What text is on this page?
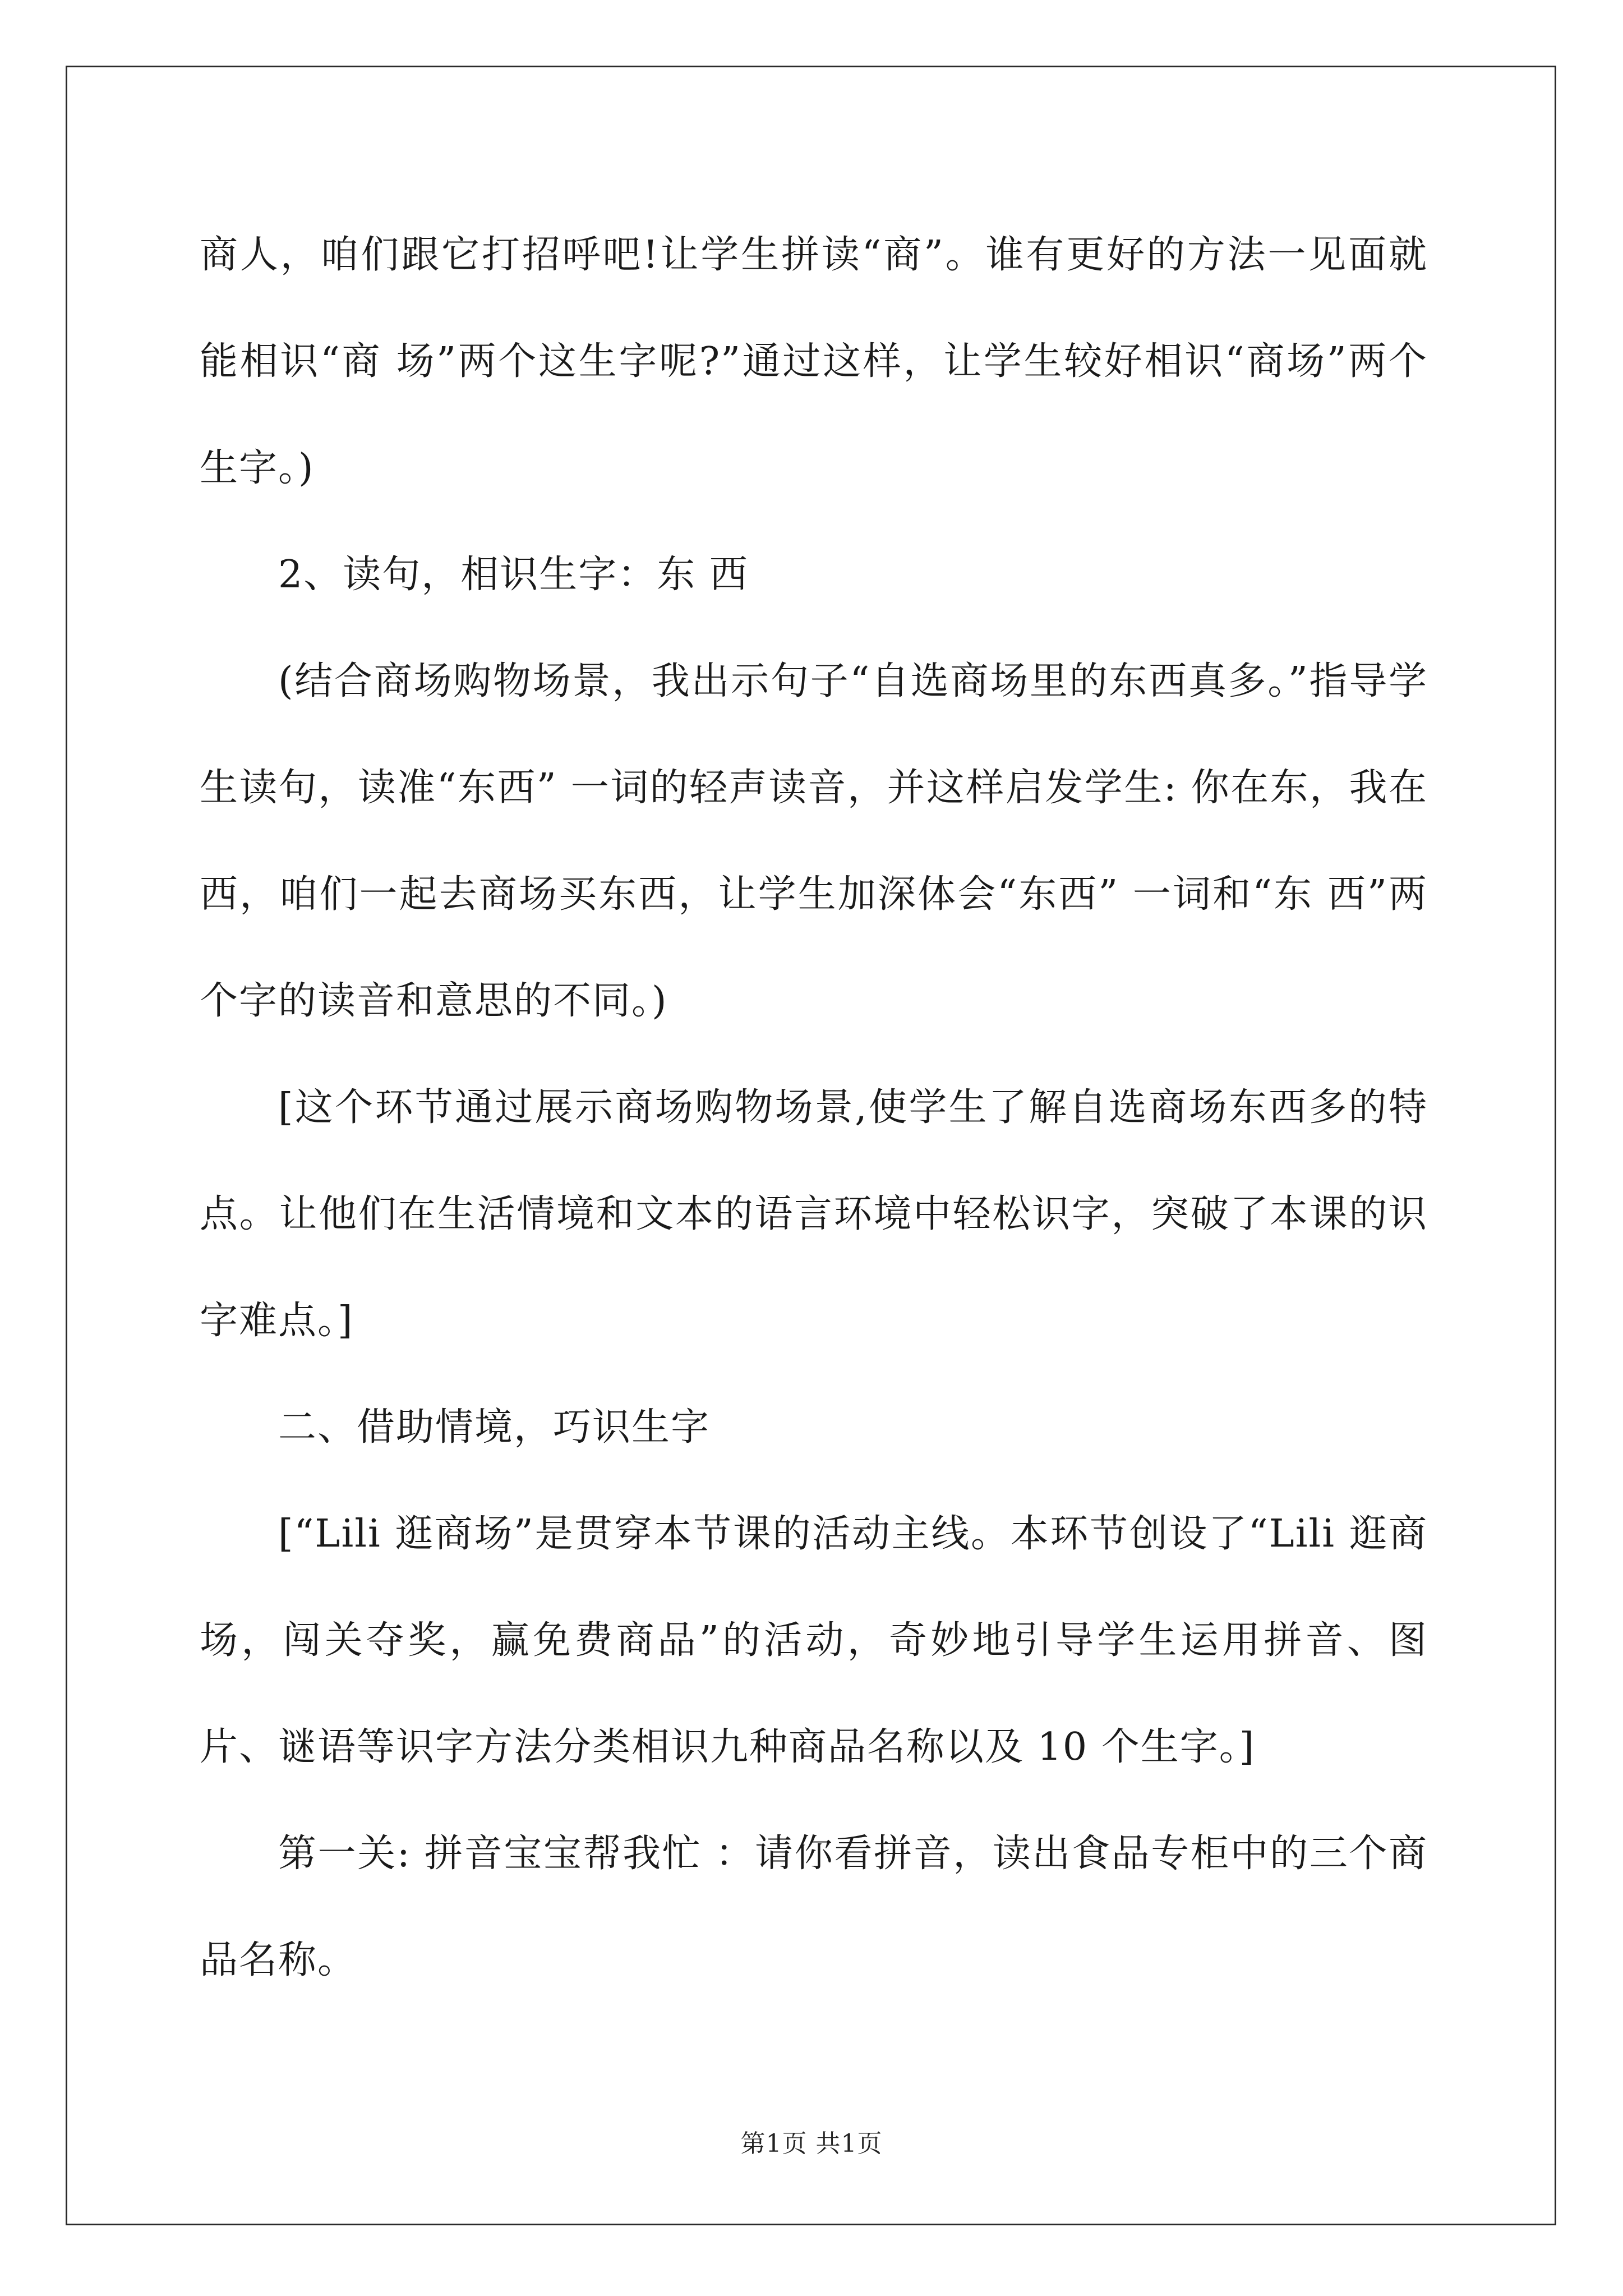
商人，咱们跟它打招呼吧!让学生拼读“商”。谁有更好的方法一见面就能相识“商 场”两个这生字呢?”通过这样，让学生较好相识“商场”两个生字。)

2、读句，相识生字：东 西

(结合商场购物场景，我出示句子“自选商场里的东西真多。”指导学生读句，读准“东西” 一词的轻声读音，并这样启发学生: 你在东，我在西，咱们一起去商场买东西，让学生加深体会“东西” 一词和“东 西”两个字的读音和意思的不同。)

[这个环节通过展示商场购物场景,使学生了解自选商场东西多的特点。让他们在生活情境和文本的语言环境中轻松识字，突破了本课的识字难点。]

二、借助情境，巧识生字

[“Lili 逛商场”是贯穿本节课的活动主线。本环节创设了“Lili 逛商场，闯关夺奖，赢免费商品”的活动，奇妙地引导学生运用拼音、图片、谜语等识字方法分类相识九种商品名称以及 10 个生字。]

第一关: 拼音宝宝帮我忙 ：请你看拼音，读出食品专柜中的三个商品名称。

第1页 共1页
